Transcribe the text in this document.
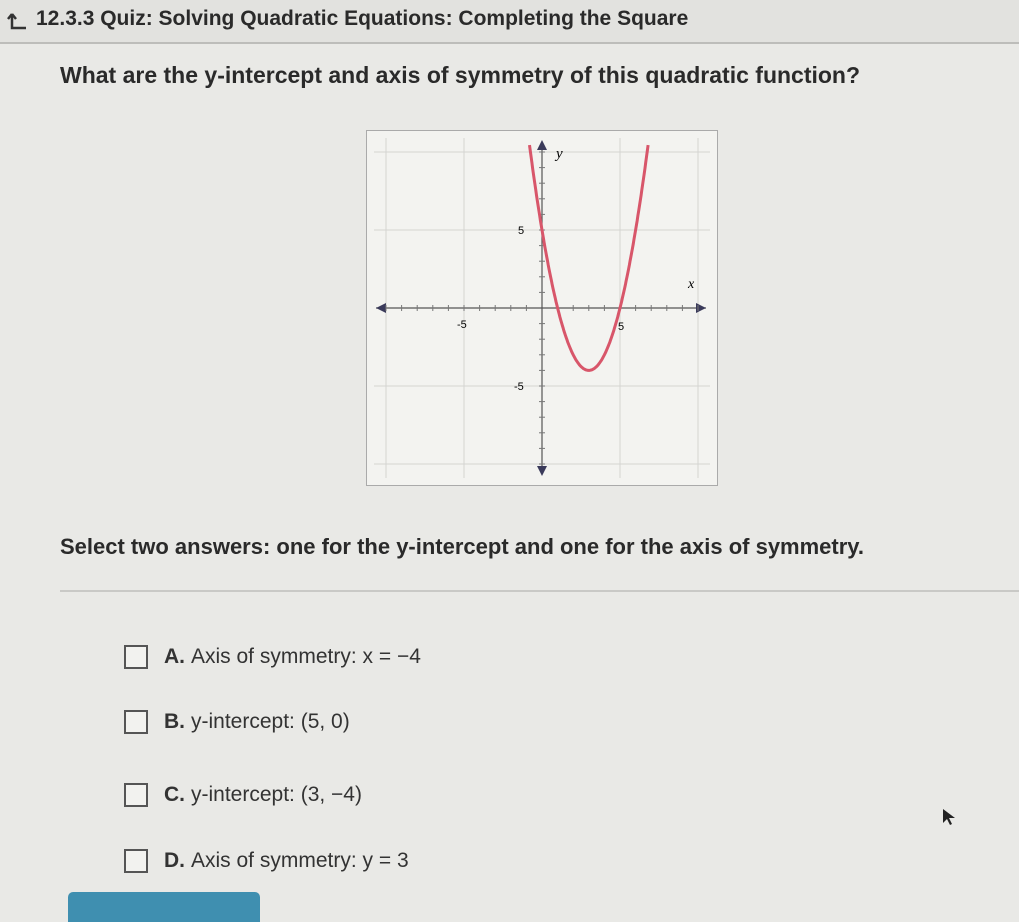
12.3.3 Quiz: Solving Quadratic Equations: Completing the Square
What are the y-intercept and axis of symmetry of this quadratic function?
x
y
-5	5
5
-5
Select two answers: one for the y-intercept and one for the axis of symmetry.
A. Axis of symmetry: x = −4
B. y-intercept: (5, 0)
C. y-intercept: (3, −4)
D. Axis of symmetry: y = 3
